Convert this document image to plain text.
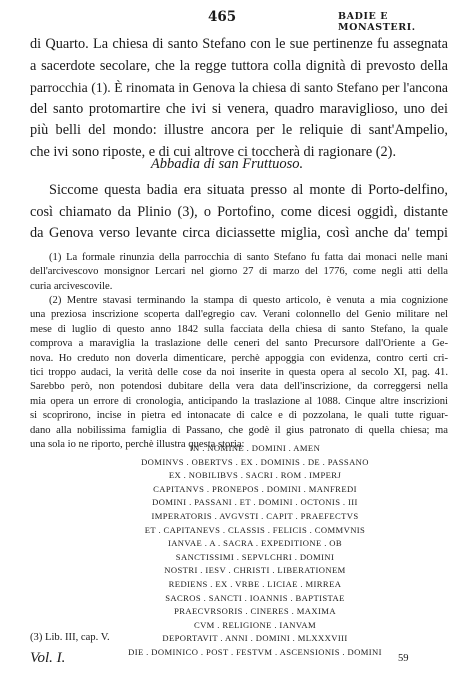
465	BADIE E MONASTERI.
di Quarto. La chiesa di santo Stefano con le sue pertinenze fu assegnata
a sacerdote secolare, che la regge tuttora colla dignità di prevosto della
parrocchia (1). È rinomata in Genova la chiesa di santo Stefano per l'ancona
del santo protomartire che ivi si venera, quadro maraviglioso, uno dei
più belli del mondo: illustre ancora per le reliquie di sant'Ampelio,
che ivi sono riposte, e di cui altrove ci toccherà di ragionare (2).
Abbadia di san Fruttuoso.
Siccome questa badia era situata presso al monte di Porto-delfino,
così chiamato da Plinio (3), o Portofino, come dicesi oggidì, distante
da Genova verso levante circa diciassette miglia, così anche da' tempi
(1) La formale rinunzia della parrocchia di santo Stefano fu fatta dai monaci nelle mani
dell'arcivescovo monsignor Lercari nel giorno 27 di marzo del 1776, come negli atti della
curia arcivescovile.
(2) Mentre stavasi terminando la stampa di questo articolo, è venuta a mia cognizione
una preziosa inscrizione scoperta dall'egregio cav. Verani colonnello del Genio militare nel
mese di luglio di questo anno 1842 sulla facciata della chiesa di santo Stefano, la quale
comprova a maraviglia la traslazione delle ceneri del santo Precursore dall'Oriente a Ge-
nova. Ho creduto non doverla dimenticare, perchè appoggia con evidenza, contro certi cri-
tici troppo audaci, la verità delle cose da noi inserite in questa opera al secolo XI, pag. 41.
Sarebbo però, non potendosi dubitare della vera data dell'inscrizione, da correggersi nella
mia opera un errore di cronologia, anticipando la traslazione al 1088. Cinque altre inscrizioni
si scoprirono, incise in pietra ed intonacate di calce e di pozzolana, le quali tutte riguar-
dano alla nobilissima famiglia di Passano, che godè il gius patronato di quella chiesa; ma
una sola io ne riporto, perchè illustra questa storia:
IN . NOMINE . DOMINI . AMEN
DOMINVS . OBERTVS . EX . DOMINIS . DE . PASSANO
EX . NOBILIBVS . SACRI . ROM . IMPERJ
CAPITANVS . PRONEPOS . DOMINI . MANFREDI
DOMINI . PASSANI . ET . DOMINI . OCTONIS . III
IMPERATORIS . AVGVSTI . CAPIT . PRAEFECTVS
ET . CAPITANEVS . CLASSIS . FELICIS . COMMVNIS
IANVAE . A . SACRA . EXPEDITIONE . OB
SANCTISSIMI . SEPVLCHRI . DOMINI
NOSTRI . IESV . CHRISTI . LIBERATIONEM
REDIENS . EX . VRBE . LICIAE . MIRREA
SACROS . SANCTI . IOANNIS . BAPTISTAE
PRAECVRSORIS . CINERES . MAXIMA
CVM . RELIGIONE . IANVAM
DEPORTAVIT . ANNI . DOMINI . MLXXXVIII
DIE . DOMINICO . POST . FESTVM . ASCENSIONIS . DOMINI
(3) Lib. III, cap. V.
Vol. I.	59
